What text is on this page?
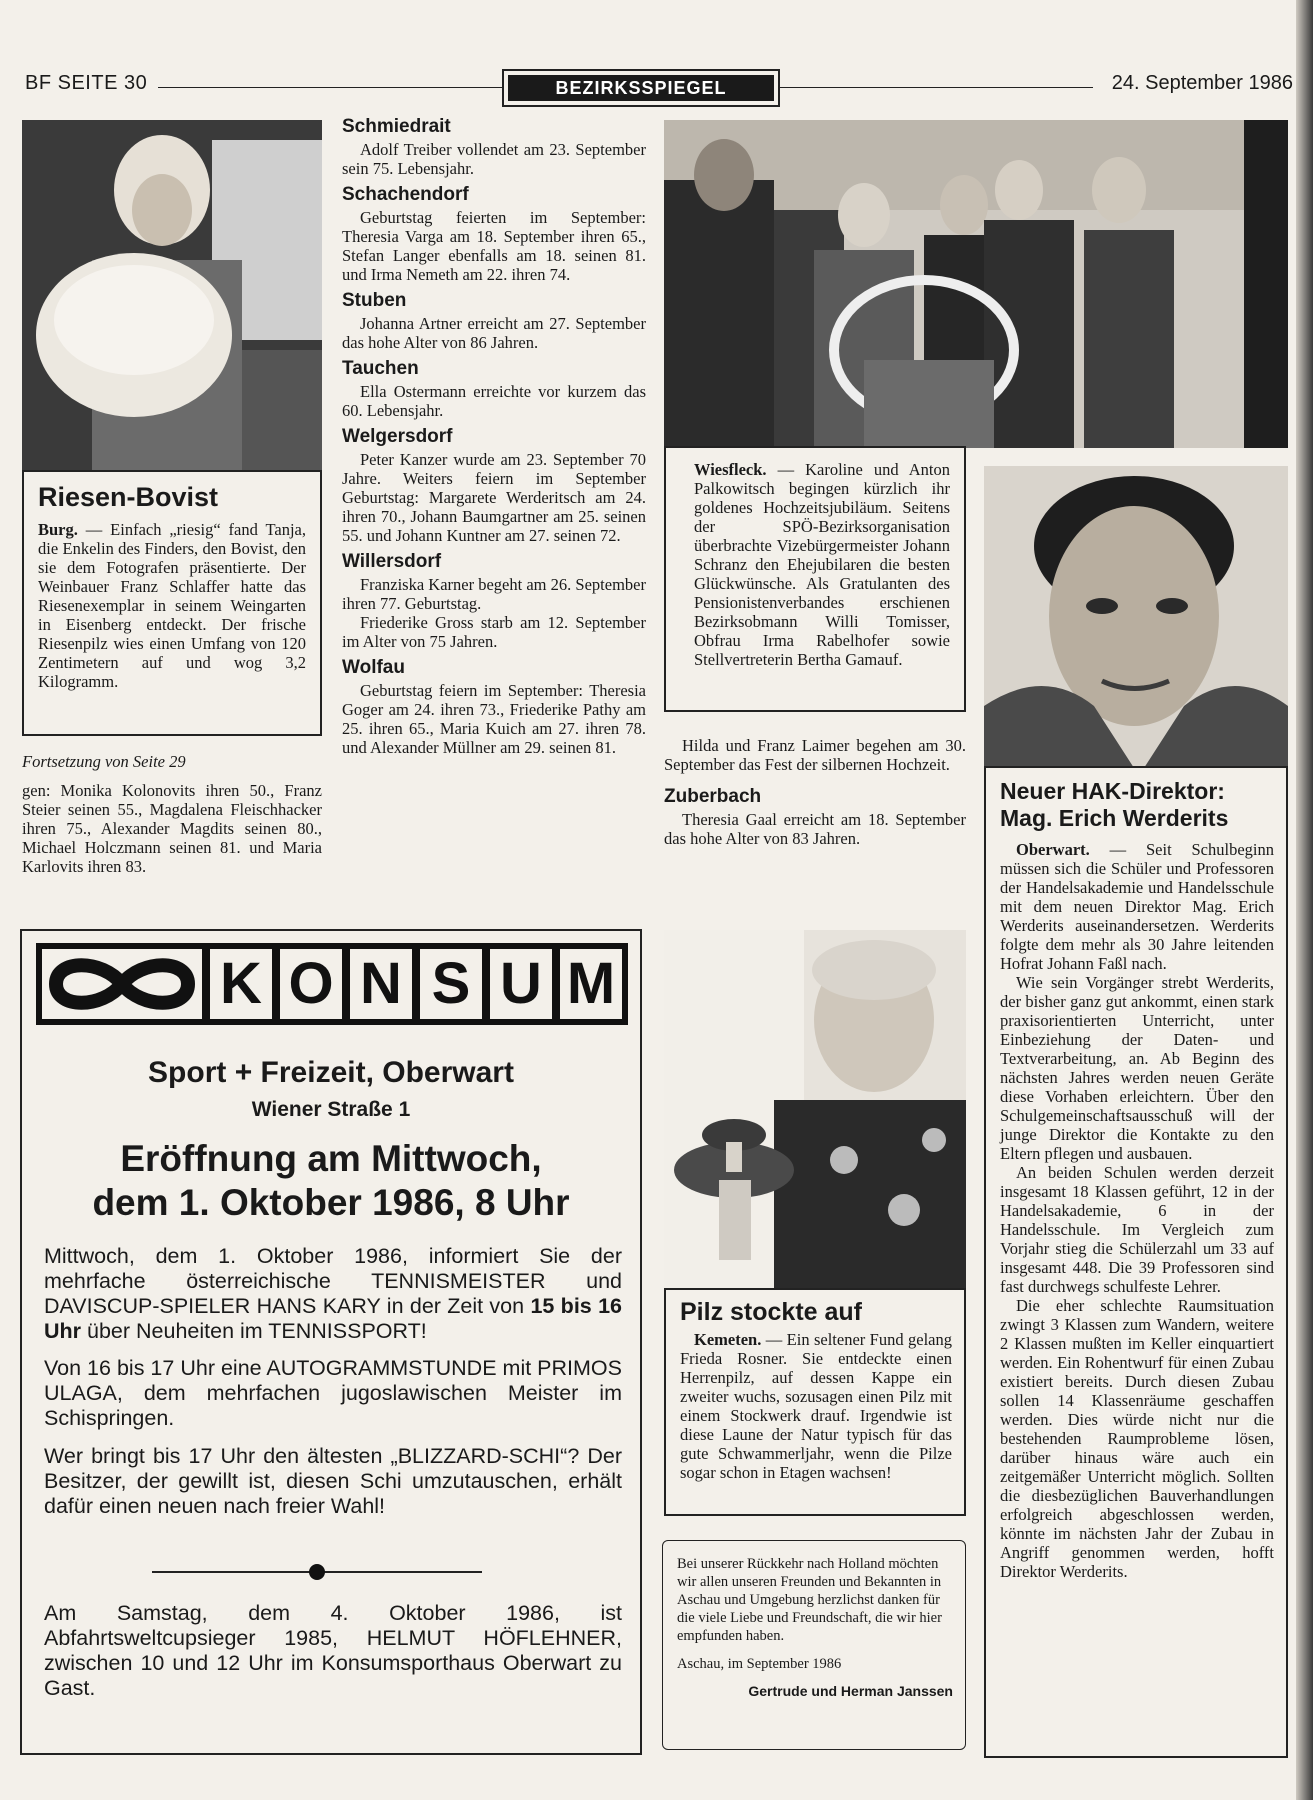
BF SEITE 30	BEZIRKSSPIEGEL	24. September 1986
Riesen-Bovist

Burg. — Einfach „riesig“ fand Tanja, die Enkelin des Finders, den Bovist, den sie dem Fotografen präsentierte. Der Weinbauer Franz Schlaffer hatte das Riesenexemplar in seinem Weingarten in Eisenberg entdeckt. Der frische Riesenpilz wies einen Umfang von 120 Zentimetern auf und wog 3,2 Kilogramm.

Fortsetzung von Seite 29

gen: Monika Kolonovits ihren 50., Franz Steier seinen 55., Magdalena Fleischhacker ihren 75., Alexander Magdits seinen 80., Michael Holczmann seinen 81. und Maria Karlovits ihren 83.

Schmiedrait

Adolf Treiber vollendet am 23. September sein 75. Lebensjahr.

Schachendorf

Geburtstag feierten im September: Theresia Varga am 18. September ihren 65., Stefan Langer ebenfalls am 18. seinen 81. und Irma Nemeth am 22. ihren 74.

Stuben

Johanna Artner erreicht am 27. September das hohe Alter von 86 Jahren.

Tauchen

Ella Ostermann erreichte vor kurzem das 60. Lebensjahr.

Welgersdorf

Peter Kanzer wurde am 23. September 70 Jahre. Weiters feiern im September Geburtstag: Margarete Werderitsch am 24. ihren 70., Johann Baumgartner am 25. seinen 55. und Johann Kuntner am 27. seinen 72.

Willersdorf

Franziska Karner begeht am 26. September ihren 77. Geburtstag.

Friederike Gross starb am 12. September im Alter von 75 Jahren.

Wolfau

Geburtstag feiern im September: Theresia Goger am 24. ihren 73., Friederike Pathy am 25. ihren 65., Maria Kuich am 27. ihren 78. und Alexander Müllner am 29. seinen 81.

Wiesfleck. — Karoline und Anton Palkowitsch begingen kürzlich ihr goldenes Hochzeitsjubiläum. Seitens der SPÖ-Bezirksorganisation überbrachte Vizebürgermeister Johann Schranz den Ehejubilaren die besten Glückwünsche. Als Gratulanten des Pensionistenverbandes erschienen Bezirksobmann Willi Tomisser, Obfrau Irma Rabelhofer sowie Stellvertreterin Bertha Gamauf.

Hilda und Franz Laimer begehen am 30. September das Fest der silbernen Hochzeit.

Zuberbach

Theresia Gaal erreicht am 18. September das hohe Alter von 83 Jahren.

Neuer HAK-Direktor:
Mag. Erich Werderits

Oberwart. — Seit Schulbeginn müssen sich die Schüler und Professoren der Handelsakademie und Handelsschule mit dem neuen Direktor Mag. Erich Werderits auseinandersetzen. Werderits folgte dem mehr als 30 Jahre leitenden Hofrat Johann Faßl nach.

Wie sein Vorgänger strebt Werderits, der bisher ganz gut ankommt, einen stark praxisorientierten Unterricht, unter Einbeziehung der Daten- und Textverarbeitung, an. Ab Beginn des nächsten Jahres werden neuen Geräte diese Vorhaben erleichtern. Über den Schulgemeinschaftsausschuß will der junge Direktor die Kontakte zu den Eltern pflegen und ausbauen.

An beiden Schulen werden derzeit insgesamt 18 Klassen geführt, 12 in der Handelsakademie, 6 in der Handelsschule. Im Vergleich zum Vorjahr stieg die Schülerzahl um 33 auf insgesamt 448. Die 39 Professoren sind fast durchwegs schulfeste Lehrer.

Die eher schlechte Raumsituation zwingt 3 Klassen zum Wandern, weitere 2 Klassen mußten im Keller einquartiert werden. Ein Rohentwurf für einen Zubau existiert bereits. Durch diesen Zubau sollen 14 Klassenräume geschaffen werden. Dies würde nicht nur die bestehenden Raumprobleme lösen, darüber hinaus wäre auch ein zeitgemäßer Unterricht möglich. Sollten die diesbezüglichen Bauverhandlungen erfolgreich abgeschlossen werden, könnte im nächsten Jahr der Zubau in Angriff genommen werden, hofft Direktor Werderits.

Pilz stockte auf

Kemeten. — Ein seltener Fund gelang Frieda Rosner. Sie entdeckte einen Herrenpilz, auf dessen Kappe ein zweiter wuchs, sozusagen einen Pilz mit einem Stockwerk drauf. Irgendwie ist diese Laune der Natur typisch für das gute Schwammerljahr, wenn die Pilze sogar schon in Etagen wachsen!

Bei unserer Rückkehr nach Holland möchten wir allen unseren Freunden und Bekannten in Aschau und Umgebung herzlichst danken für die viele Liebe und Freundschaft, die wir hier empfunden haben.

Aschau, im September 1986

Gertrude und Herman Janssen

K O N S U M
Sport + Freizeit, Oberwart
Wiener Straße 1
Eröffnung am Mittwoch,
dem 1. Oktober 1986, 8 Uhr

Mittwoch, dem 1. Oktober 1986, informiert Sie der mehrfache österreichische TENNISMEISTER und DAVISCUP-SPIELER HANS KARY in der Zeit von 15 bis 16 Uhr über Neuheiten im TENNISSPORT!

Von 16 bis 17 Uhr eine AUTOGRAMMSTUNDE mit PRIMOS ULAGA, dem mehrfachen jugoslawischen Meister im Schispringen.

Wer bringt bis 17 Uhr den ältesten „BLIZZARD-SCHI“? Der Besitzer, der gewillt ist, diesen Schi umzutauschen, erhält dafür einen neuen nach freier Wahl!

Am Samstag, dem 4. Oktober 1986, ist Abfahrtsweltcupsieger 1985, HELMUT HÖFLEHNER, zwischen 10 und 12 Uhr im Konsumsporthaus Oberwart zu Gast.
